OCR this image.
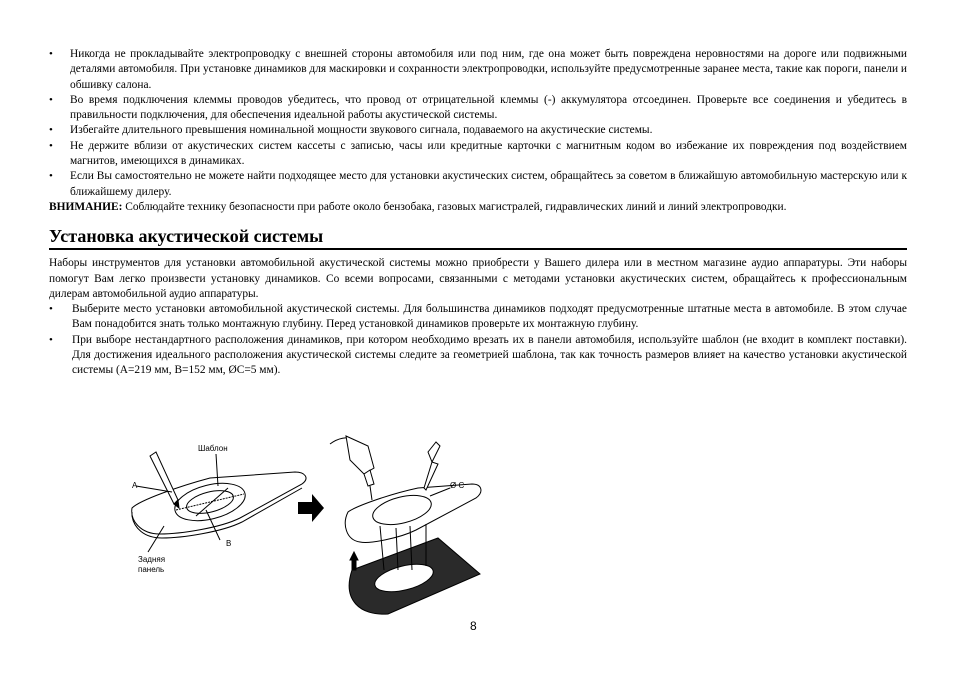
•	Никогда не прокладывайте электропроводку с внешней стороны автомобиля или под ним, где она может быть повреждена неровностями на дороге или подвижными деталями автомобиля. При установке динамиков для маскировки и сохранности электропроводки, используйте предусмотренные заранее места, такие как пороги, панели и обшивку салона.
•	Во время подключения клеммы проводов убедитесь, что провод от отрицательной клеммы (-) аккумулятора отсоединен. Проверьте все соединения и убедитесь в правильности подключения, для обеспечения идеальной работы акустической системы.
•	Избегайте длительного превышения номинальной мощности звукового сигнала, подаваемого на акустические системы.
•	Не держите вблизи от акустических систем кассеты с записью, часы или кредитные карточки с магнитным кодом во избежание их повреждения под воздействием магнитов, имеющихся в динамиках.
•	Если Вы самостоятельно не можете найти подходящее место для установки акустических систем, обращайтесь за советом в ближайшую автомобильную мастерскую или к ближайшему дилеру.

ВНИМАНИЕ: Соблюдайте технику безопасности при работе около бензобака, газовых магистралей, гидравлических линий и линий электропроводки.

Установка акустической системы

Наборы инструментов для установки автомобильной акустической системы можно приобрести у Вашего дилера или в местном магазине аудио аппаратуры. Эти наборы помогут Вам легко произвести установку динамиков. Со всеми вопросами, связанными с методами установки акустических систем, обращайтесь к профессиональным дилерам автомобильной аудио аппаратуры.

•	Выберите место установки автомобильной акустической системы. Для большинства динамиков подходят предусмотренные штатные места в автомобиле. В этом случае Вам понадобится знать только монтажную глубину. Перед установкой динамиков проверьте их монтажную глубину.
•	При выборе нестандартного расположения динамиков, при котором необходимо врезать их в панели автомобиля, используйте шаблон (не входит в комплект поставки). Для достижения идеального расположения акустической системы следите за геометрией шаблона, так как точность размеров влияет на качество установки акустической системы (A=219 мм, B=152 мм, ØC=5 мм).
Шаблон
A
B
Задняя
панель
Ø C
8
